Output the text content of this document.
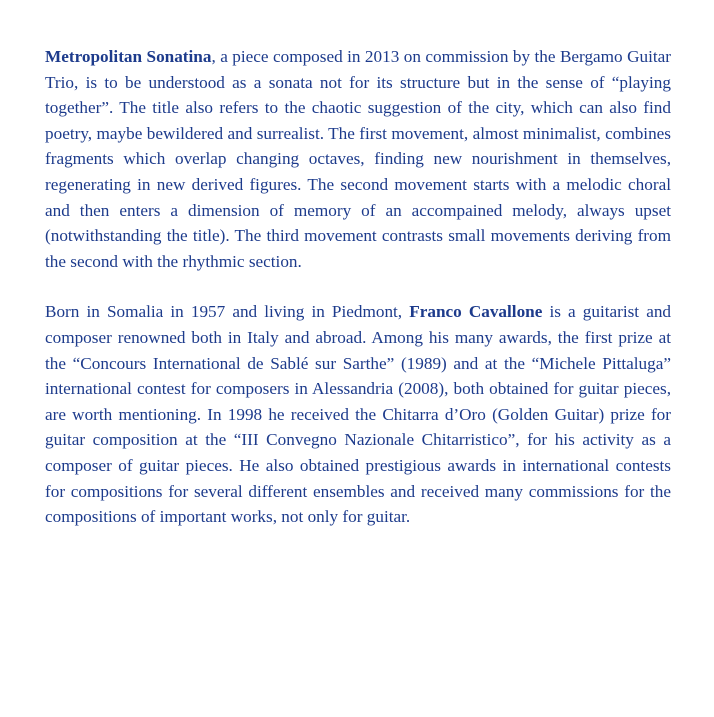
Metropolitan Sonatina, a piece composed in 2013 on commission by the Bergamo Guitar Trio, is to be understood as a sonata not for its structure but in the sense of “playing together”. The title also refers to the chaotic suggestion of the city, which can also find poetry, maybe bewildered and surrealist. The first movement, almost minimalist, combines fragments which overlap changing octaves, finding new nourishment in themselves, regenerating in new derived figures. The second movement starts with a melodic choral and then enters a dimension of memory of an accompained melody, always upset (notwithstanding the title). The third movement contrasts small movements deriving from the second with the rhythmic section.

Born in Somalia in 1957 and living in Piedmont, Franco Cavallone is a guitarist and composer renowned both in Italy and abroad. Among his many awards, the first prize at the “Concours International de Sablé sur Sarthe” (1989) and at the “Michele Pittaluga” international contest for composers in Alessandria (2008), both obtained for guitar pieces, are worth mentioning. In 1998 he received the Chitarra d’Oro (Golden Guitar) prize for guitar composition at the “III Convegno Nazionale Chitarristico”, for his activity as a composer of guitar pieces. He also obtained prestigious awards in international contests for compositions for several different ensembles and received many commissions for the compositions of important works, not only for guitar.
